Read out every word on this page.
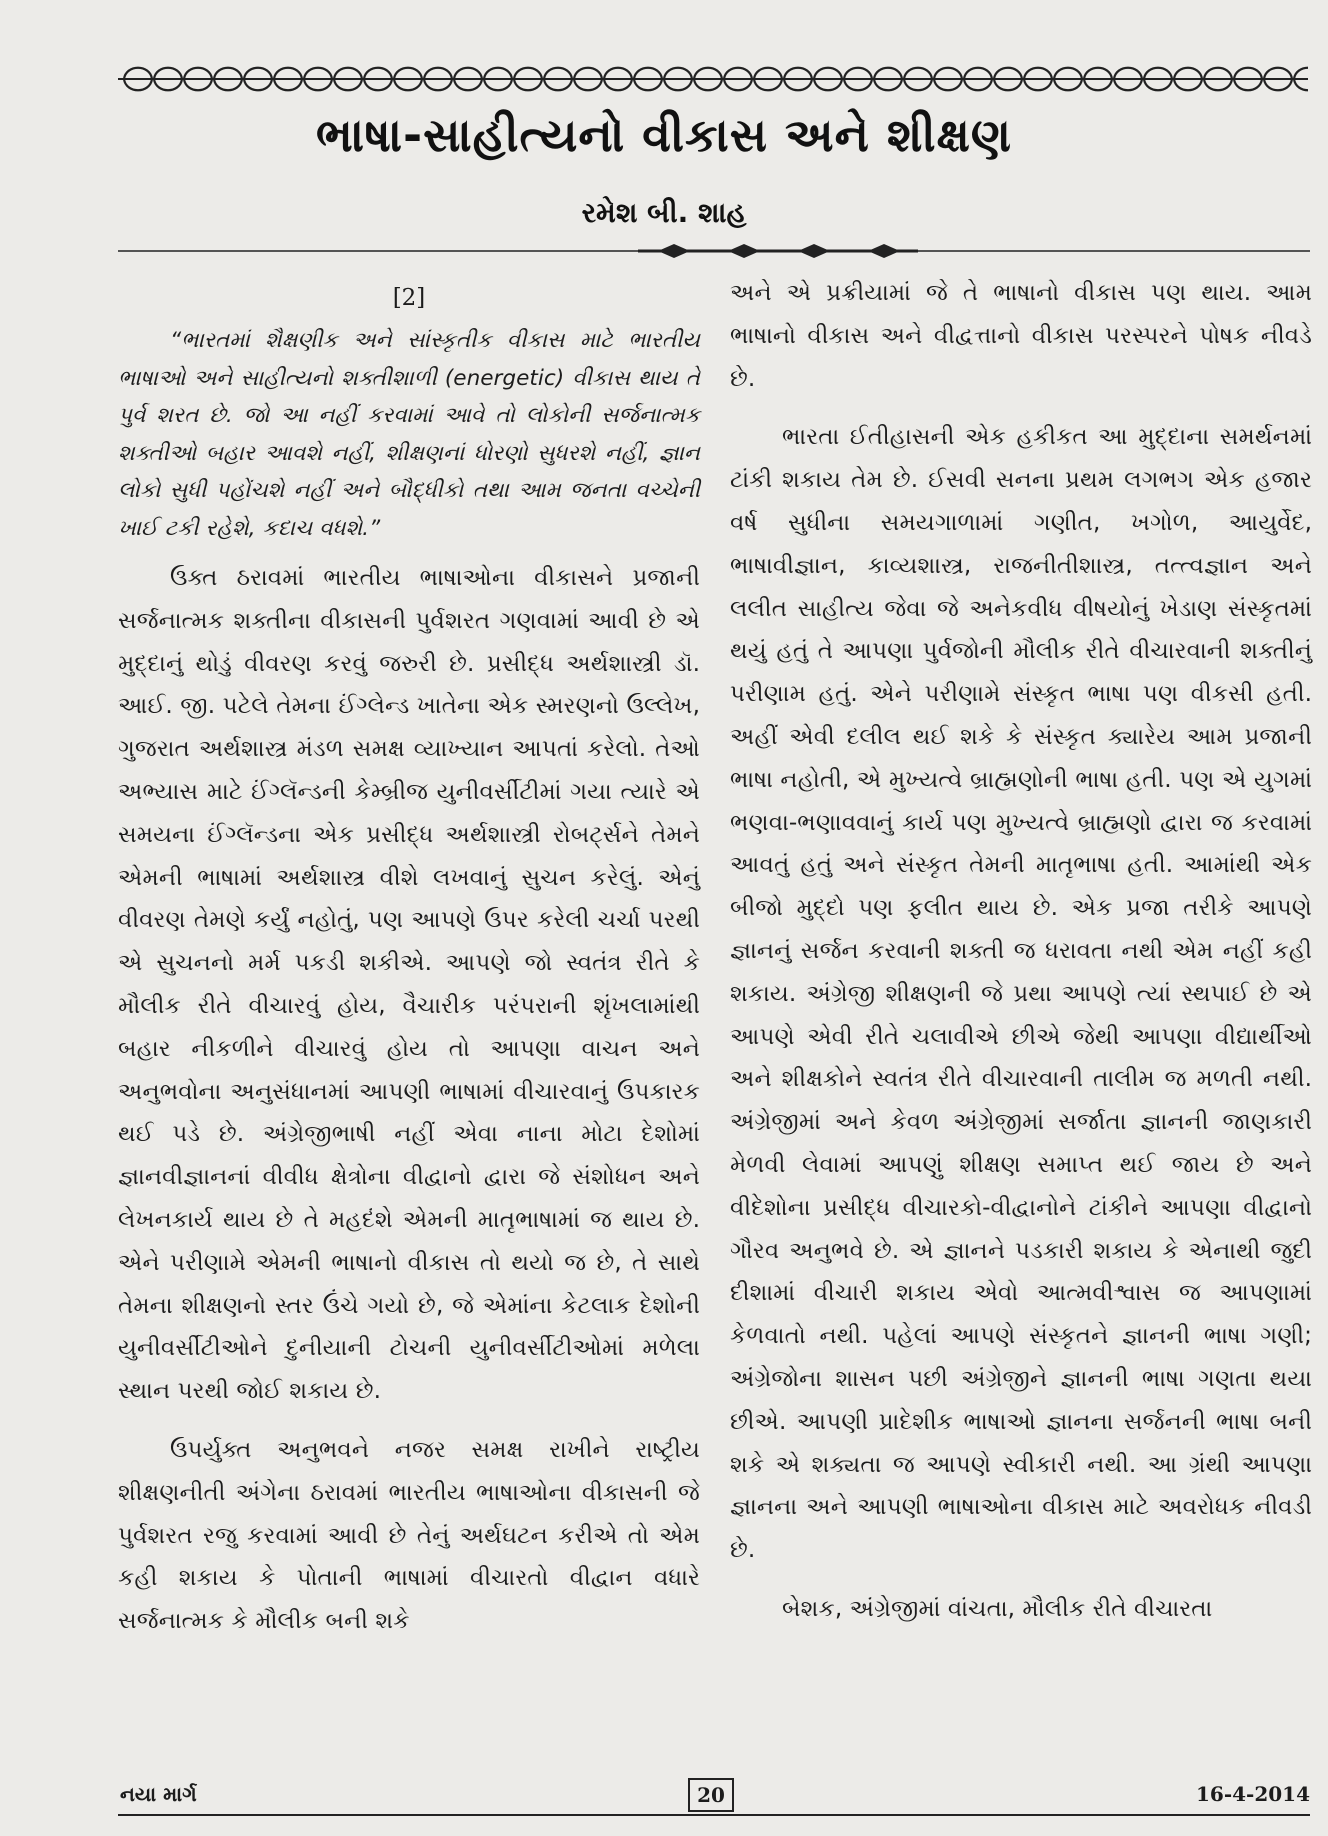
ભાષા-સાહીત્યનો વીકાસ અને શીક્ષણ
રમેશ બી. શાહ
[2]
“ભારતમાં શૈક્ષણીક અને સાંસ્કૃતીક વીકાસ માટે ભારતીય ભાષાઓ અને સાહીત્યનો શક્તીશાળી (energetic) વીકાસ થાય તે પુર્વ શરત છે. જો આ નહીં કરવામાં આવે તો લોકોની સર્જનાત્મક શક્તીઓ બહાર આવશે નહીં, શીક્ષણનાં ધોરણો સુધરશે નહીં, જ્ઞાન લોકો સુધી પહોંચશે નહીં અને બૌદ્ધીકો તથા આમ જનતા વચ્ચેની ખાઈ ટકી રહેશે, કદાચ વધશે.”

ઉક્ત ઠરાવમાં ભારતીય ભાષાઓના વીકાસને પ્રજાની સર્જનાત્મક શક્તીના વીકાસની પુર્વશરત ગણવામાં આવી છે એ મુદ્દાનું થોડું વીવરણ કરવું જરુરી છે. પ્રસીદ્ધ અર્થશાસ્ત્રી ડૉ. આઈ. જી. પટેલે તેમના ઈંગ્લેન્ડ ખાતેના એક સ્મરણનો ઉલ્લેખ, ગુજરાત અર્થશાસ્ત્ર મંડળ સમક્ષ વ્યાખ્યાન આપતાં કરેલો. તેઓ અભ્યાસ માટે ઈંગ્લૅન્ડની કેમ્બ્રીજ યુનીવર્સીટીમાં ગયા ત્યારે એ સમયના ઈંગ્લૅન્ડના એક પ્રસીદ્ધ અર્થશાસ્ત્રી રોબર્ટ્સને તેમને એમની ભાષામાં અર્થશાસ્ત્ર વીશે લખવાનું સુચન કરેલું. એનું વીવરણ તેમણે કર્યું નહોતું, પણ આપણે ઉપર કરેલી ચર્ચા પરથી એ સુચનનો મર્મ પકડી શકીએ. આપણે જો સ્વતંત્ર રીતે કે મૌલીક રીતે વીચારવું હોય, વૈચારીક પરંપરાની શૃંખલામાંથી બહાર નીકળીને વીચારવું હોય તો આપણા વાચન અને અનુભવોના અનુસંધાનમાં આપણી ભાષામાં વીચારવાનું ઉપકારક થઈ પડે છે. અંગ્રેજીભાષી નહીં એવા નાના મોટા દેશોમાં જ્ઞાનવીજ્ઞાનનાં વીવીધ ક્ષેત્રોના વીદ્વાનો દ્વારા જે સંશોધન અને લેખનકાર્ય થાય છે તે મહદંશે એમની માતૃભાષામાં જ થાય છે. એને પરીણામે એમની ભાષાનો વીકાસ તો થયો જ છે, તે સાથે તેમના શીક્ષણનો સ્તર ઉંચે ગયો છે, જે એમાંના કેટલાક દેશોની યુનીવર્સીટીઓને દુનીયાની ટોચની યુનીવર્સીટીઓમાં મળેલા સ્થાન પરથી જોઈ શકાય છે.

ઉપર્યુક્ત અનુભવને નજર સમક્ષ રાખીને રાષ્ટ્રીય શીક્ષણનીતી અંગેના ઠરાવમાં ભારતીય ભાષાઓના વીકાસની જે પુર્વશરત રજુ કરવામાં આવી છે તેનું અર્થઘટન કરીએ તો એમ કહી શકાય કે પોતાની ભાષામાં વીચારતો વીદ્વાન વધારે સર્જનાત્મક કે મૌલીક બની શકે

અને એ પ્રક્રીયામાં જે તે ભાષાનો વીકાસ પણ થાય. આમ ભાષાનો વીકાસ અને વીદ્વત્તાનો વીકાસ પરસ્પરને પોષક નીવડે છે.

ભારતા ઈતીહાસની એક હકીકત આ મુદ્દાના સમર્થનમાં ટાંકી શકાય તેમ છે. ઈસવી સનના પ્રથમ લગભગ એક હજાર વર્ષ સુધીના સમયગાળામાં ગણીત, ખગોળ, આયુર્વેદ, ભાષાવીજ્ઞાન, કાવ્યશાસ્ત્ર, રાજનીતીશાસ્ત્ર, તત્ત્વજ્ઞાન અને લલીત સાહીત્ય જેવા જે અનેકવીધ વીષયોનું ખેડાણ સંસ્કૃતમાં થયું હતું તે આપણા પુર્વજોની મૌલીક રીતે વીચારવાની શક્તીનું પરીણામ હતું. એને પરીણામે સંસ્કૃત ભાષા પણ વીકસી હતી. અહીં એવી દલીલ થઈ શકે કે સંસ્કૃત ક્યારેય આમ પ્રજાની ભાષા નહોતી, એ મુખ્યત્વે બ્રાહ્મણોની ભાષા હતી. પણ એ યુગમાં ભણવા-ભણાવવાનું કાર્ય પણ મુખ્યત્વે બ્રાહ્મણો દ્વારા જ કરવામાં આવતું હતું અને સંસ્કૃત તેમની માતૃભાષા હતી. આમાંથી એક બીજો મુદ્દો પણ ફલીત થાય છે. એક પ્રજા તરીકે આપણે જ્ઞાનનું સર્જન કરવાની શક્તી જ ધરાવતા નથી એમ નહીં કહી શકાય. અંગ્રેજી શીક્ષણની જે પ્રથા આપણે ત્યાં સ્થપાઈ છે એ આપણે એવી રીતે ચલાવીએ છીએ જેથી આપણા વીદ્યાર્થીઓ અને શીક્ષકોને સ્વતંત્ર રીતે વીચારવાની તાલીમ જ મળતી નથી. અંગ્રેજીમાં અને કેવળ અંગ્રેજીમાં સર્જાતા જ્ઞાનની જાણકારી મેળવી લેવામાં આપણું શીક્ષણ સમાપ્ત થઈ જાય છે અને વીદેશોના પ્રસીદ્ધ વીચારકો-વીદ્વાનોને ટાંકીને આપણા વીદ્વાનો ગૌરવ અનુભવે છે. એ જ્ઞાનને પડકારી શકાય કે એનાથી જુદી દીશામાં વીચારી શકાય એવો આત્મવીશ્વાસ જ આપણામાં કેળવાતો નથી. પહેલાં આપણે સંસ્કૃતને જ્ઞાનની ભાષા ગણી; અંગ્રેજોના શાસન પછી અંગ્રેજીને જ્ઞાનની ભાષા ગણતા થયા છીએ. આપણી પ્રાદેશીક ભાષાઓ જ્ઞાનના સર્જનની ભાષા બની શકે એ શક્યતા જ આપણે સ્વીકારી નથી. આ ગ્રંથી આપણા જ્ઞાનના અને આપણી ભાષાઓના વીકાસ માટે અવરોધક નીવડી છે.

બેશક, અંગ્રેજીમાં વાંચતા, મૌલીક રીતે વીચારતા

નયા માર્ગ	20	16-4-2014
